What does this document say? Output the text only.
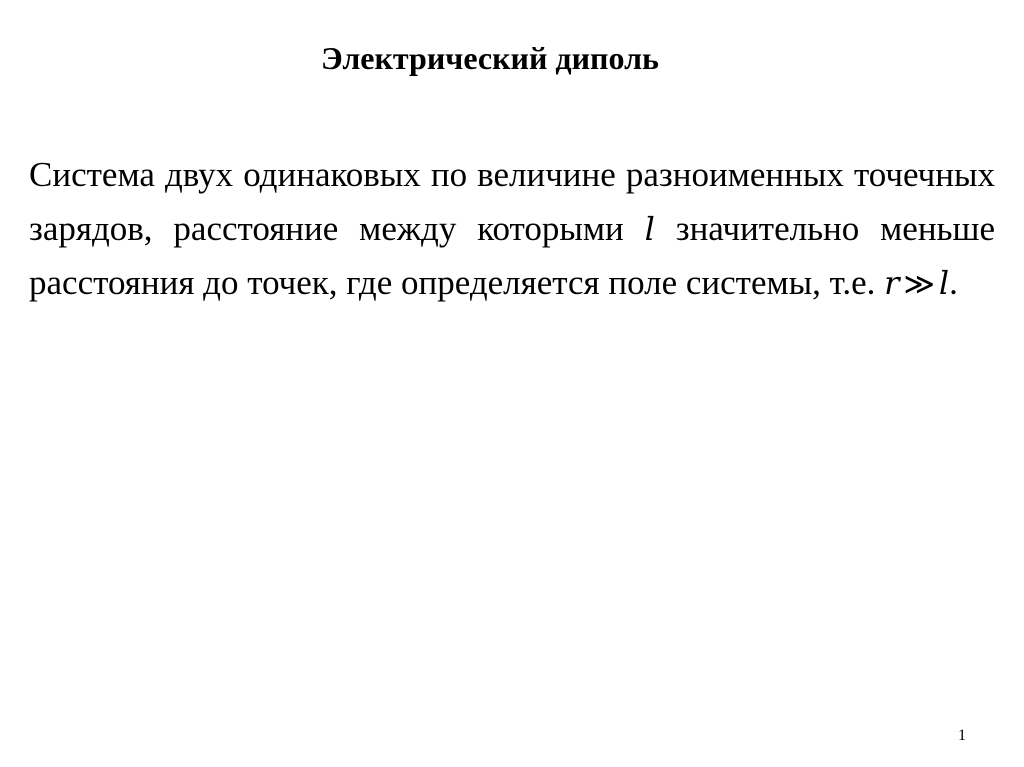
Электрический диполь

Система двух одинаковых по величине разноименных точечных зарядов, расстояние между которыми l значительно меньше расстояния до точек, где определяется поле системы, т.е. r ≫ l.

1
